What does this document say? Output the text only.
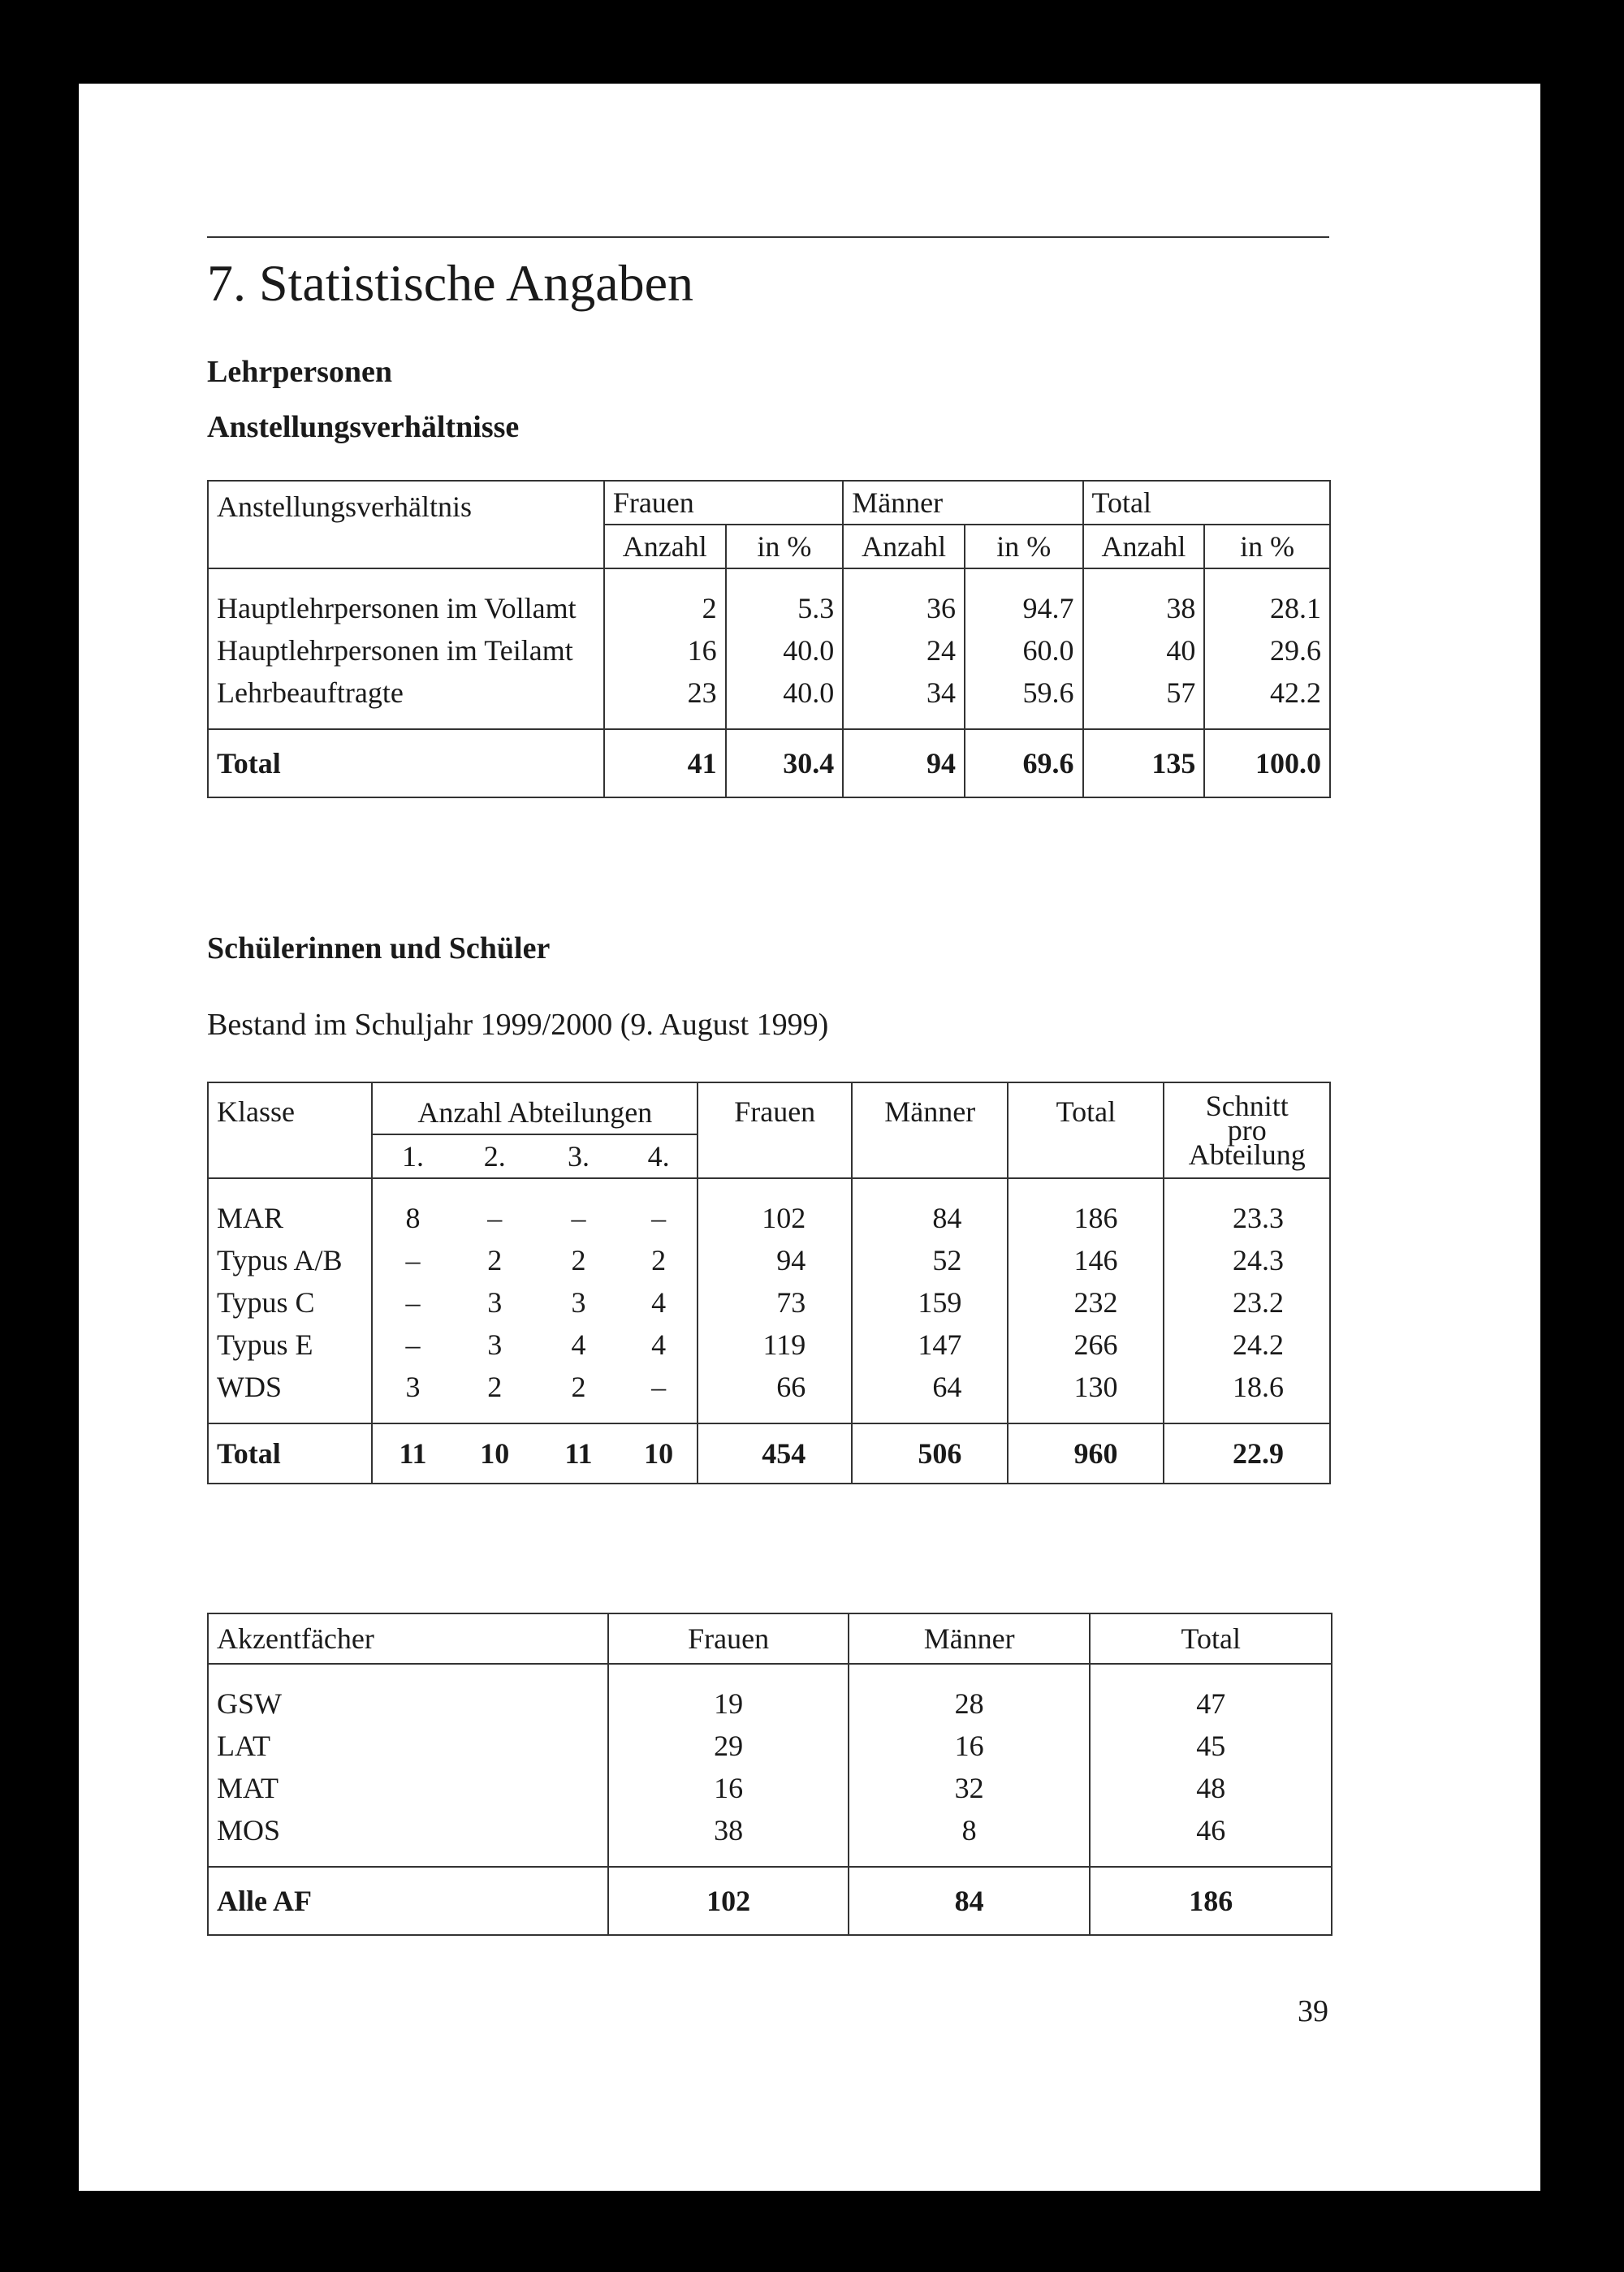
7. Statistische Angaben
Lehrpersonen
Anstellungsverhältnisse
Anstellungsverhältnis	Frauen		Männer		Total	
	Anzahl	in %	Anzahl	in %	Anzahl	in %
Hauptlehrpersonen im Vollamt	2	5.3	36	94.7	38	28.1
Hauptlehrpersonen im Teilamt	16	40.0	24	60.0	40	29.6
Lehrbeauftragte	23	40.0	34	59.6	57	42.2
Total	41	30.4	94	69.6	135	100.0
Schülerinnen und Schüler
Bestand im Schuljahr 1999/2000 (9. August 1999)
Klasse	Anzahl Abteilungen				Frauen	Männer	Total	Schnitt
pro
Abteilung

	1.	2.	3.	4.				
MAR	8	–	–	–	102	84	186	23.3
Typus A/B	–	2	2	2	94	52	146	24.3
Typus C	–	3	3	4	73	159	232	23.2
Typus E	–	3	4	4	119	147	266	24.2
WDS	3	2	2	–	66	64	130	18.6
Total	11	10	11	10	454	506	960	22.9
Akzentfächer	Frauen	Männer	Total
GSW	19	28	47
LAT	29	16	45
MAT	16	32	48
MOS	38	8	46
Alle AF	102	84	186
39
